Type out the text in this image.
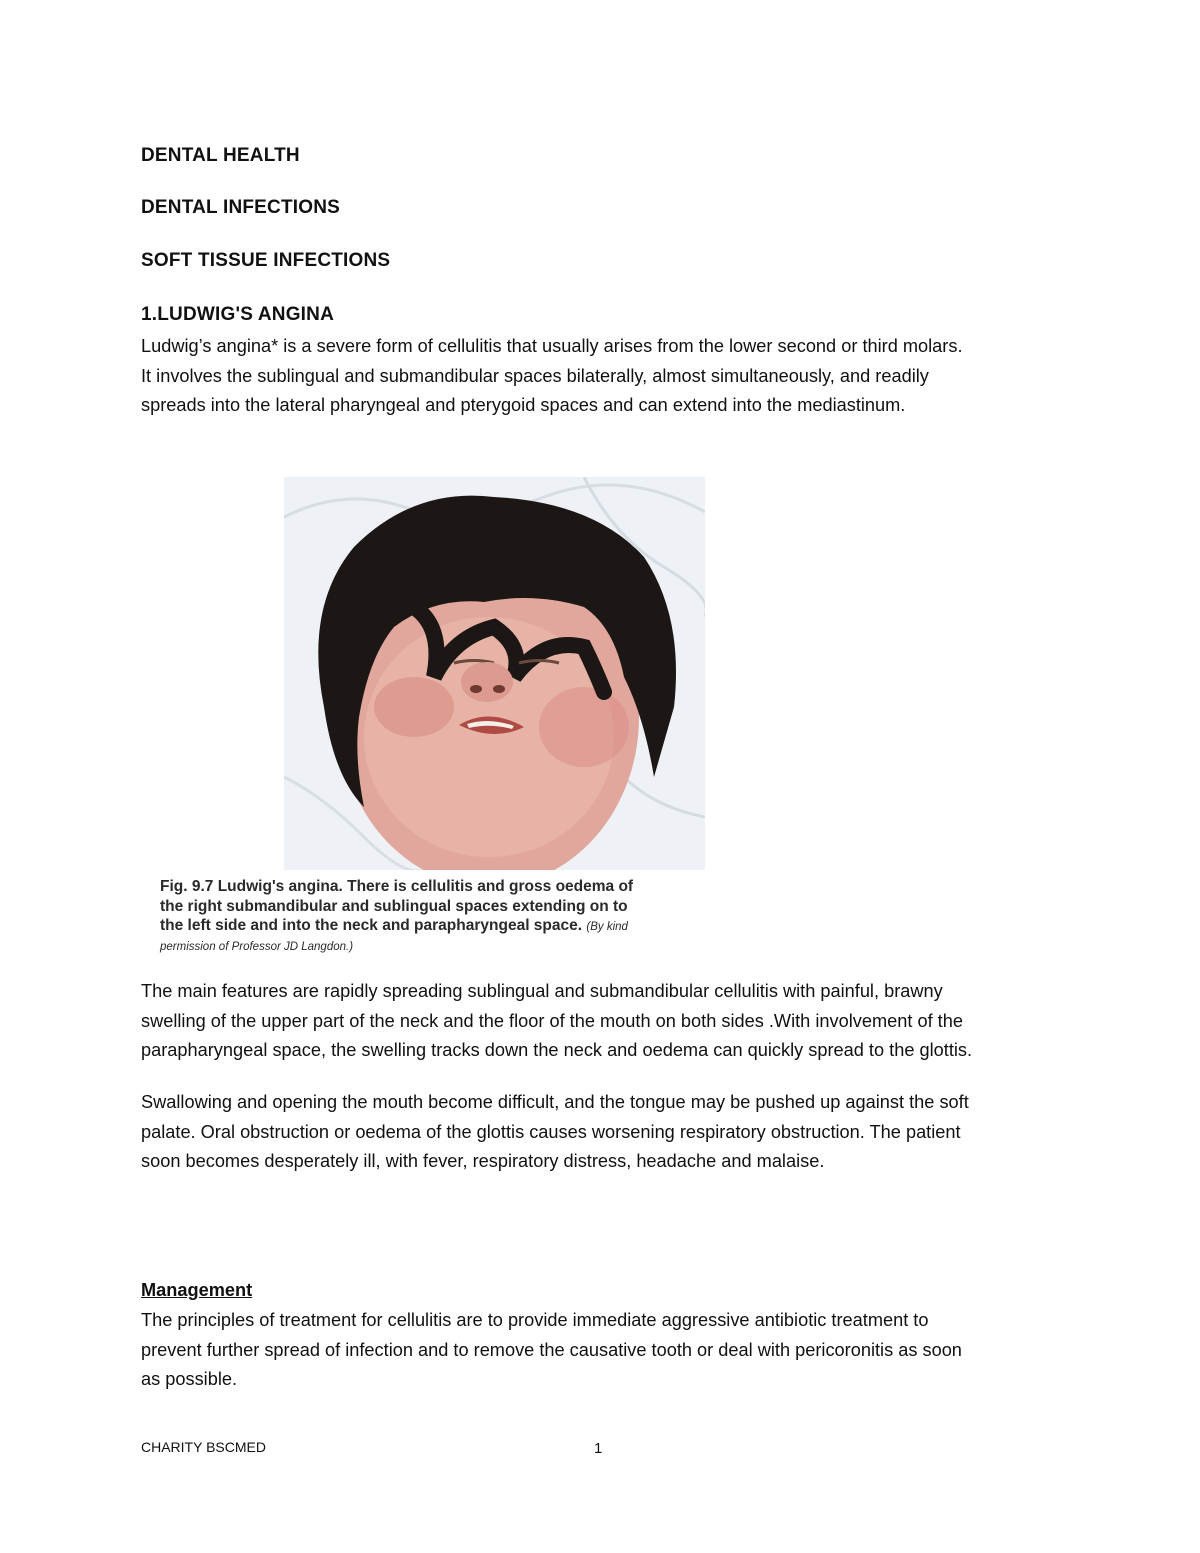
DENTAL HEALTH
DENTAL INFECTIONS
SOFT TISSUE INFECTIONS
1.LUDWIG'S ANGINA
Ludwig’s angina* is a severe form of cellulitis that usually arises from the lower second or third molars.
It involves the sublingual and submandibular spaces bilaterally, almost simultaneously, and readily
spreads into the lateral pharyngeal and pterygoid spaces and can extend into the mediastinum.
Fig. 9.7 Ludwig's angina. There is cellulitis and gross oedema of
the right submandibular and sublingual spaces extending on to
the left side and into the neck and parapharyngeal space. (By kind
permission of Professor JD Langdon.)
The main features are rapidly spreading sublingual and submandibular cellulitis with painful, brawny
swelling of the upper part of the neck and the floor of the mouth on both sides .With involvement of the
parapharyngeal space, the swelling tracks down the neck and oedema can quickly spread to the glottis.
Swallowing and opening the mouth become difficult, and the tongue may be pushed up against the soft
palate. Oral obstruction or oedema of the glottis causes worsening respiratory obstruction. The patient
soon becomes desperately ill, with fever, respiratory distress, headache and malaise.
Management
The principles of treatment for cellulitis are to provide immediate aggressive antibiotic treatment to
prevent further spread of infection and to remove the causative tooth or deal with pericoronitis as soon
as possible.
CHARITY BSCMED	1
